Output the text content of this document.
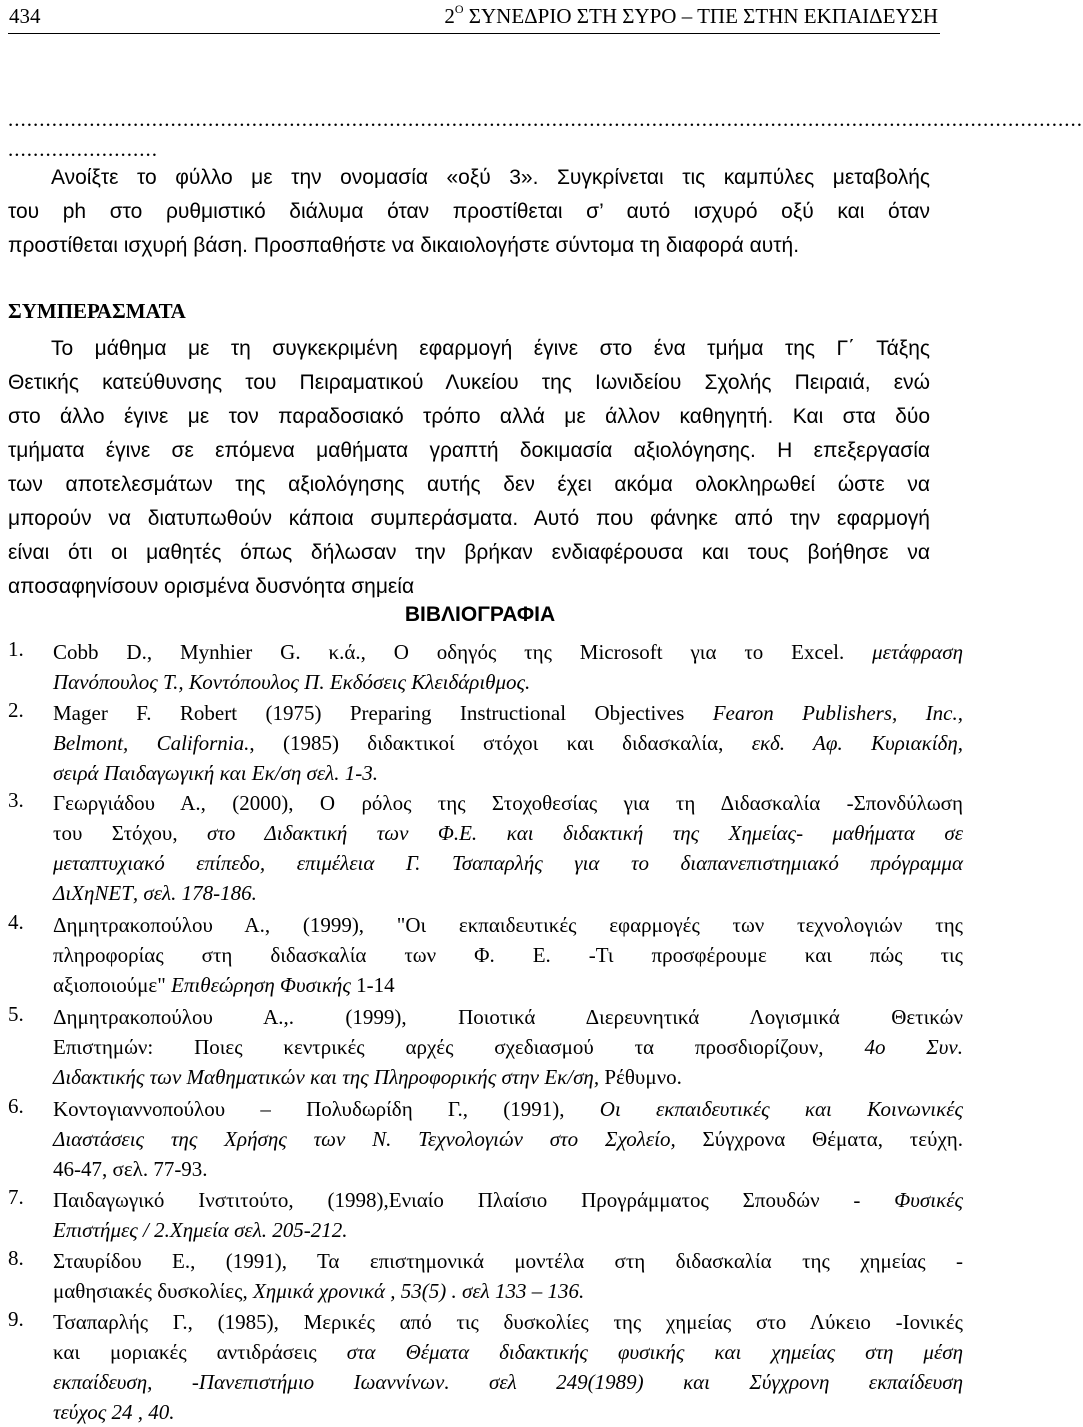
434	$2^O$ ΣΥΝΕΔΡΙΟ ΣΤΗ ΣΥΡΟ – ΤΠΕ ΣΤΗΝ ΕΚΠΑΙΔΕΥΣΗ
............................................................................................................................................................................
........................
Ανοίξτε το φύλλο με την ονομασία «οξύ 3». Συγκρίνεται τις καμπύλες μεταβολής
του ph στο ρυθμιστικό διάλυμα όταν προστίθεται σ’ αυτό ισχυρό οξύ και όταν
προστίθεται ισχυρή βάση. Προσπαθήστε να δικαιολογήστε σύντομα τη διαφορά αυτή.
ΣΥΜΠΕΡΑΣΜΑΤΑ
Το μάθημα με τη συγκεκριμένη εφαρμογή έγινε στο ένα τμήμα της Γ΄ Τάξης
Θετικής κατεύθυνσης του Πειραματικού Λυκείου της Ιωνιδείου Σχολής Πειραιά, ενώ
στο άλλο έγινε με τον παραδοσιακό τρόπο αλλά με άλλον καθηγητή. Και στα δύο
τμήματα έγινε σε επόμενα μαθήματα γραπτή δοκιμασία αξιολόγησης. Η επεξεργασία
των αποτελεσμάτων της αξιολόγησης αυτής δεν έχει ακόμα ολοκληρωθεί ώστε να
μπορούν να διατυπωθούν κάποια συμπεράσματα. Αυτό που φάνηκε από την εφαρμογή
είναι ότι οι μαθητές όπως δήλωσαν την βρήκαν ενδιαφέρουσα και τους βοήθησε να
αποσαφηνίσουν ορισμένα δυσνόητα σημεία
ΒΙΒΛΙΟΓΡΑΦΙΑ
1. Cobb D., Mynhier G. κ.ά., Ο οδηγός της Microsoft για το Excel. μετάφραση
Πανόπουλος Τ., Κοντόπουλος Π. Εκδόσεις Κλειδάριθμος.
2. Mager F. Robert (1975) Preparing Instructional Objectives Fearon Publishers, Inc.,
Belmont, California., (1985) διδακτικοί στόχοι και διδασκαλία, εκδ. Αφ. Κυριακίδη,
σειρά Παιδαγωγική και Εκ/ση σελ. 1-3.
3. Γεωργιάδου Α., (2000), Ο ρόλος της Στοχοθεσίας για τη Διδασκαλία -Σπονδύλωση
του Στόχου, στο Διδακτική των Φ.Ε. και διδακτική της Χημείας- μαθήματα σε
μεταπτυχιακό επίπεδο, επιμέλεια Γ. Τσαπαρλής για το διαπανεπιστημιακό πρόγραμμα
ΔιΧηΝΕΤ, σελ. 178-186.
4. Δημητρακοπούλου Α., (1999), "Οι εκπαιδευτικές εφαρμογές των τεχνολογιών της
πληροφορίας στη διδασκαλία των Φ. Ε. -Τι προσφέρουμε και πώς τις
αξιοποιούμε" Επιθεώρηση Φυσικής 1-14
5. Δημητρακοπούλου Α.,. (1999), Ποιοτικά Διερευνητικά Λογισμικά Θετικών
Επιστημών: Ποιες κεντρικές αρχές σχεδιασμού τα προσδιορίζουν, 4ο Συν.
Διδακτικής των Μαθηματικών και της Πληροφορικής στην Εκ/ση, Ρέθυμνο.
6. Κοντογιαννοπούλου – Πολυδωρίδη Γ., (1991), Οι εκπαιδευτικές και Κοινωνικές
Διαστάσεις της Χρήσης των Ν. Τεχνολογιών στο Σχολείο, Σύγχρονα Θέματα, τεύχη.
46-47, σελ. 77-93.
7. Παιδαγωγικό Ινστιτούτο, (1998),Ενιαίο Πλαίσιο Προγράμματος Σπουδών - Φυσικές
Επιστήμες / 2.Χημεία σελ. 205-212.
8. Σταυρίδου Ε., (1991), Τα επιστημονικά μοντέλα στη διδασκαλία της χημείας -
μαθησιακές δυσκολίες, Χημικά χρονικά , 53(5) . σελ 133 – 136.
9. Τσαπαρλής Γ., (1985), Μερικές από τις δυσκολίες της χημείας στο Λύκειο -Ιονικές
και μοριακές αντιδράσεις στα Θέματα διδακτικής φυσικής και χημείας στη μέση
εκπαίδευση, -Πανεπιστήμιο Ιωαννίνων. σελ 249(1989) και Σύγχρονη εκπαίδευση
τεύχος 24 , 40.
